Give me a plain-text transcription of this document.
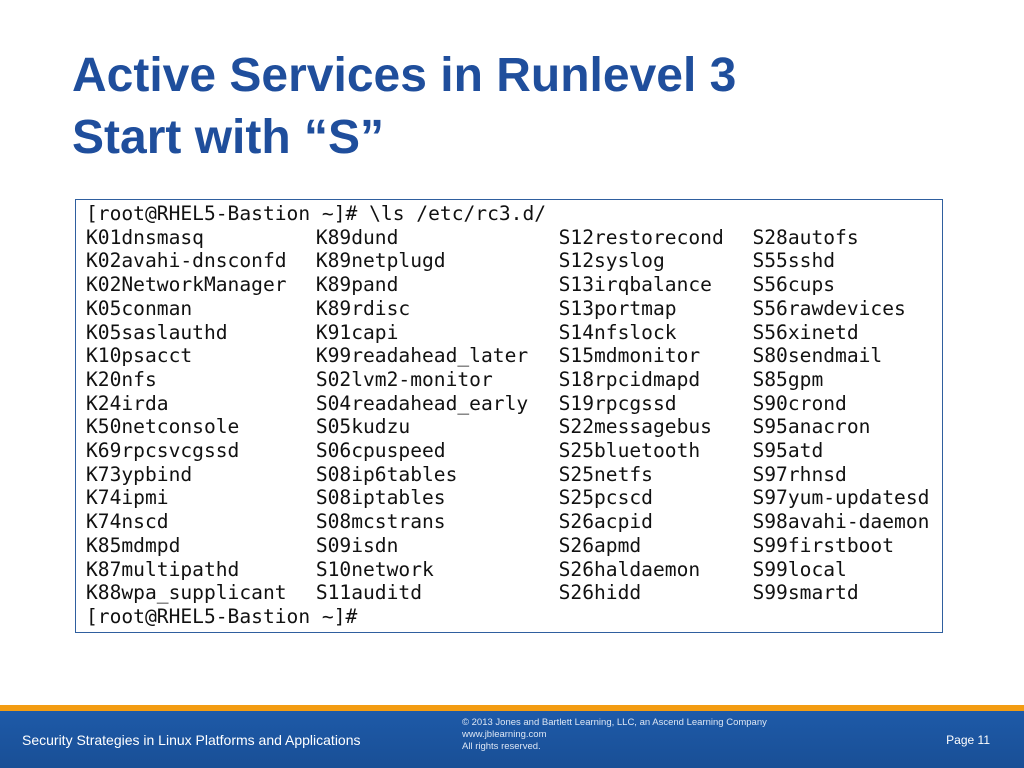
Active Services in Runlevel 3
Start with “S”
[root@RHEL5-Bastion ~]# \ls /etc/rc3.d/
K01dnsmasq	K89dund	S12restorecond	S28autofs
K02avahi-dnsconfd	K89netplugd	S12syslog	S55sshd
K02NetworkManager	K89pand	S13irqbalance	S56cups
K05conman	K89rdisc	S13portmap	S56rawdevices
K05saslauthd	K91capi	S14nfslock	S56xinetd
K10psacct	K99readahead_later	S15mdmonitor	S80sendmail
K20nfs	S02lvm2-monitor	S18rpcidmapd	S85gpm
K24irda	S04readahead_early	S19rpcgssd	S90crond
K50netconsole	S05kudzu	S22messagebus	S95anacron
K69rpcsvcgssd	S06cpuspeed	S25bluetooth	S95atd
K73ypbind	S08ip6tables	S25netfs	S97rhnsd
K74ipmi	S08iptables	S25pcscd	S97yum-updatesd
K74nscd	S08mcstrans	S26acpid	S98avahi-daemon
K85mdmpd	S09isdn	S26apmd	S99firstboot
K87multipathd	S10network	S26haldaemon	S99local
K88wpa_supplicant	S11auditd	S26hidd	S99smartd
[root@RHEL5-Bastion ~]#
Security Strategies in Linux Platforms and Applications
© 2013 Jones and Bartlett Learning, LLC, an Ascend Learning Company
www.jblearning.com
All rights reserved.	Page 11
